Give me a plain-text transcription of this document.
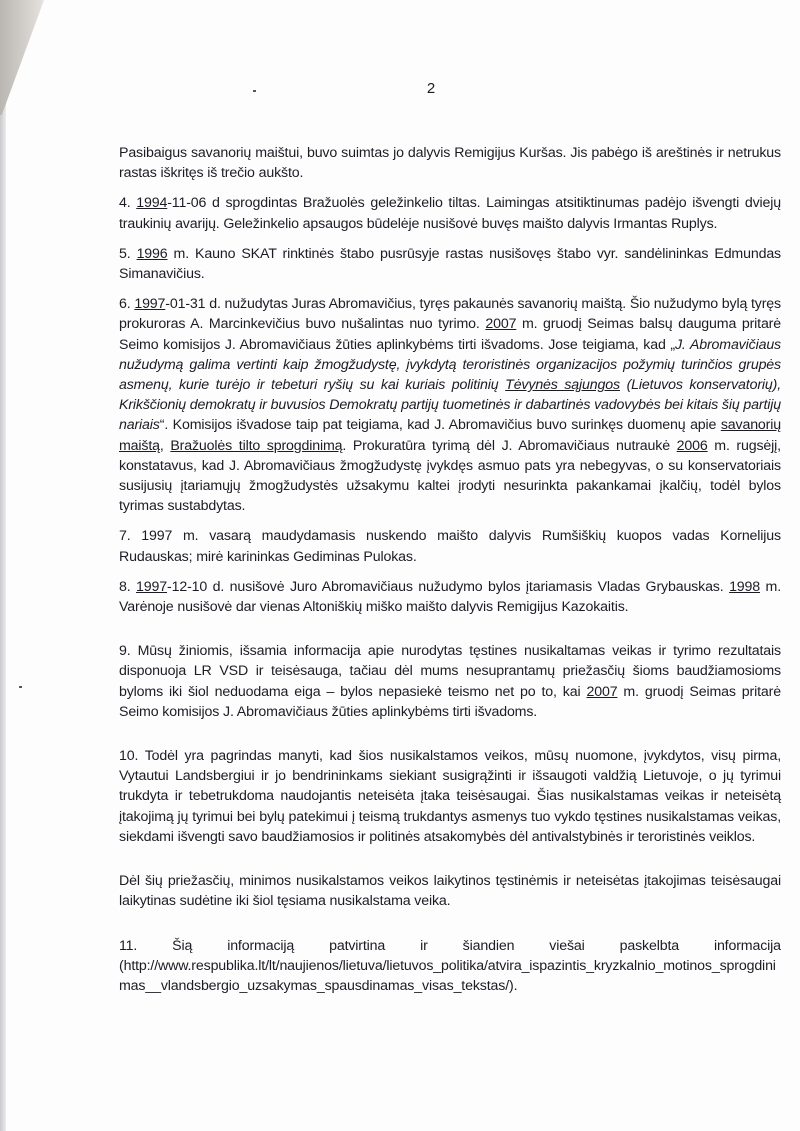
2

Pasibaigus savanorių maištui, buvo suimtas jo dalyvis Remigijus Kuršas. Jis pabėgo iš areštinės ir netrukus rastas iškritęs iš trečio aukšto.

4. 1994-11-06 d sprogdintas Bražuolės geležinkelio tiltas. Laimingas atsitiktinumas padėjo išvengti dviejų traukinių avarijų. Geležinkelio apsaugos būdelėje nusišovė buvęs maišto dalyvis Irmantas Ruplys.

5. 1996 m. Kauno SKAT rinktinės štabo pusrūsyje rastas nusišovęs štabo vyr. sandėlininkas Edmundas Simanavičius.

6. 1997-01-31 d. nužudytas Juras Abromavičius, tyręs pakaunės savanorių maištą. Šio nužudymo bylą tyręs prokuroras A. Marcinkevičius buvo nušalintas nuo tyrimo. 2007 m. gruodį Seimas balsų dauguma pritarė Seimo komisijos J. Abromavičiaus žūties aplinkybėms tirti išvadoms. Jose teigiama, kad „J. Abromavičiaus nužudymą galima vertinti kaip žmogžudystę, įvykdytą teroristinės organizacijos požymių turinčios grupės asmenų, kurie turėjo ir tebeturi ryšių su kai kuriais politinių Tėvynės sąjungos (Lietuvos konservatorių), Krikščionių demokratų ir buvusios Demokratų partijų tuometinės ir dabartinės vadovybės bei kitais šių partijų nariais“. Komisijos išvadose taip pat teigiama, kad J. Abromavičius buvo surinkęs duomenų apie savanorių maištą, Bražuolės tilto sprogdinimą. Prokuratūra tyrimą dėl J. Abromavičiaus nutraukė 2006 m. rugsėjį, konstatavus, kad J. Abromavičiaus žmogžudystę įvykdęs asmuo pats yra nebegyvas, o su konservatoriais susijusių įtariamųjų žmogžudystės užsakymu kaltei įrodyti nesurinkta pakankamai įkalčių, todėl bylos tyrimas sustabdytas.

7. 1997 m. vasarą maudydamasis nuskendo maišto dalyvis Rumšiškių kuopos vadas Kornelijus Rudauskas; mirė karininkas Gediminas Pulokas.

8. 1997-12-10 d. nusišovė Juro Abromavičiaus nužudymo bylos įtariamasis Vladas Grybauskas. 1998 m. Varėnoje nusišovė dar vienas Altoniškių miško maišto dalyvis Remigijus Kazokaitis.

9. Mūsų žiniomis, išsamia informacija apie nurodytas tęstines nusikaltamas veikas ir tyrimo rezultatais disponuoja LR VSD ir teisėsauga, tačiau dėl mums nesuprantamų priežasčių šioms baudžiamosioms byloms iki šiol neduodama eiga – bylos nepasiekė teismo net po to, kai 2007 m. gruodį Seimas pritarė Seimo komisijos J. Abromavičiaus žūties aplinkybėms tirti išvadoms.

10. Todėl yra pagrindas manyti, kad šios nusikalstamos veikos, mūsų nuomone, įvykdytos, visų pirma, Vytautui Landsbergiui ir jo bendrininkams siekiant susigrąžinti ir išsaugoti valdžią Lietuvoje, o jų tyrimui trukdyta ir tebetrukdoma naudojantis neteisėta įtaka teisėsaugai. Šias nusikalstamas veikas ir neteisėtą įtakojimą jų tyrimui bei bylų patekimui į teismą trukdantys asmenys tuo vykdo tęstines nusikalstamas veikas, siekdami išvengti savo baudžiamosios ir politinės atsakomybės dėl antivalstybinės ir teroristinės veiklos.

Dėl šių priežasčių, minimos nusikalstamos veikos laikytinos tęstinėmis ir neteisėtas įtakojimas teisėsaugai laikytinas sudėtine iki šiol tęsiama nusikalstama veika.

11. Šią informaciją patvirtina ir šiandien viešai paskelbta informacija
(http://www.respublika.lt/lt/naujienos/lietuva/lietuvos_politika/atvira_ispazintis_kryzkalnio_motinos_sprogdinimas__vlandsbergio_uzsakymas_spausdinamas_visas_tekstas/).
